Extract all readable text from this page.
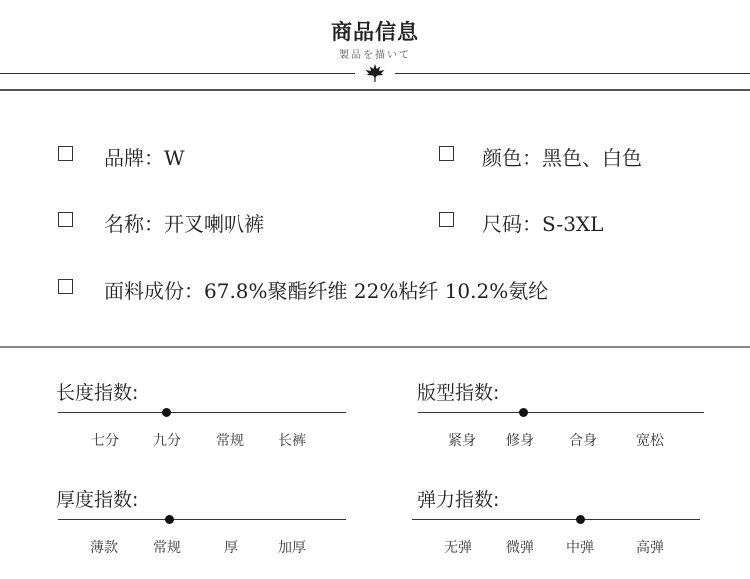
商品信息
製品を描いて
品牌：W	颜色：黑色、白色
名称：开叉喇叭裤	尺码：S-3XL
面料成份：67.8%聚酯纤维 22%粘纤 10.2%氨纶
长度指数:
七分 九分	常规 长裤
版型指数:
紧身 修身	合身	宽松
厚度指数:
薄款	常规	厚	加厚
弹力指数:
无弹 微弹 中弹	高弹
